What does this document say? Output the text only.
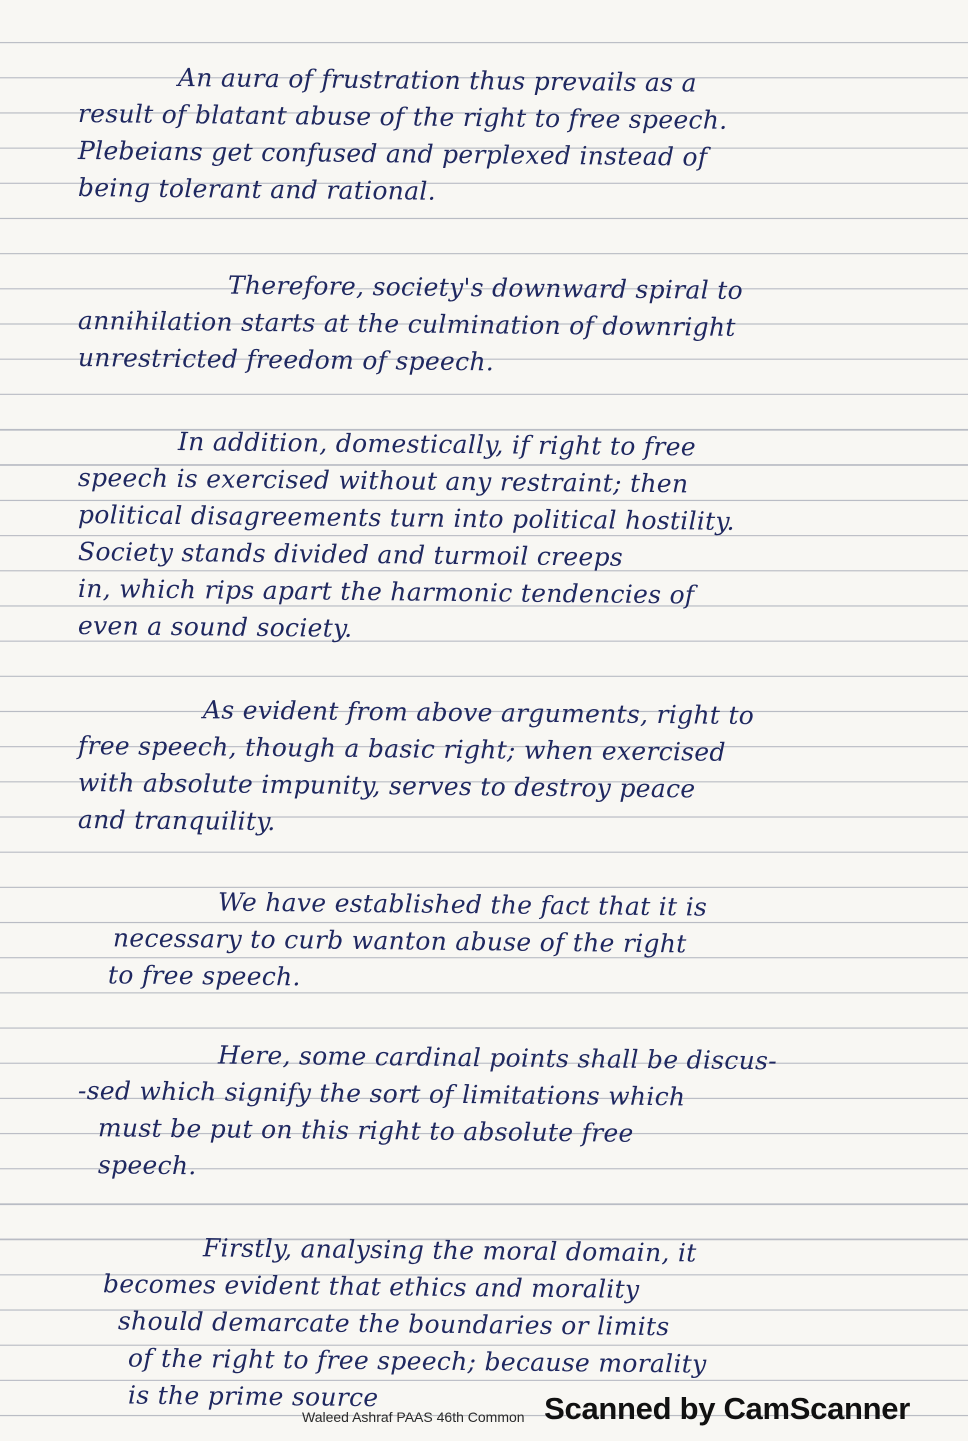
An aura of frustration thus prevails as a
result of blatant abuse of the right to free speech.
Plebeians get confused and perplexed instead of
being tolerant and rational.
Therefore, society's downward spiral to
annihilation starts at the culmination of downright
unrestricted freedom of speech.
In addition, domestically, if right to free
speech is exercised without any restraint; then
political disagreements turn into political hostility.
Society stands divided and turmoil creeps
in, which rips apart the harmonic tendencies of
even a sound society.
As evident from above arguments, right to
free speech, though a basic right; when exercised
with absolute impunity, serves to destroy peace
and tranquility.
We have established the fact that it is
necessary to curb wanton abuse of the right
to free speech.
Here, some cardinal points shall be discus-
-sed which signify the sort of limitations which
must be put on this right to absolute free
speech.
Firstly, analysing the moral domain, it
becomes evident that ethics and morality
should demarcate the boundaries or limits
of the right to free speech; because morality
is the prime source
Waleed Ashraf PAAS 46th Common Scanned by CamScanner
